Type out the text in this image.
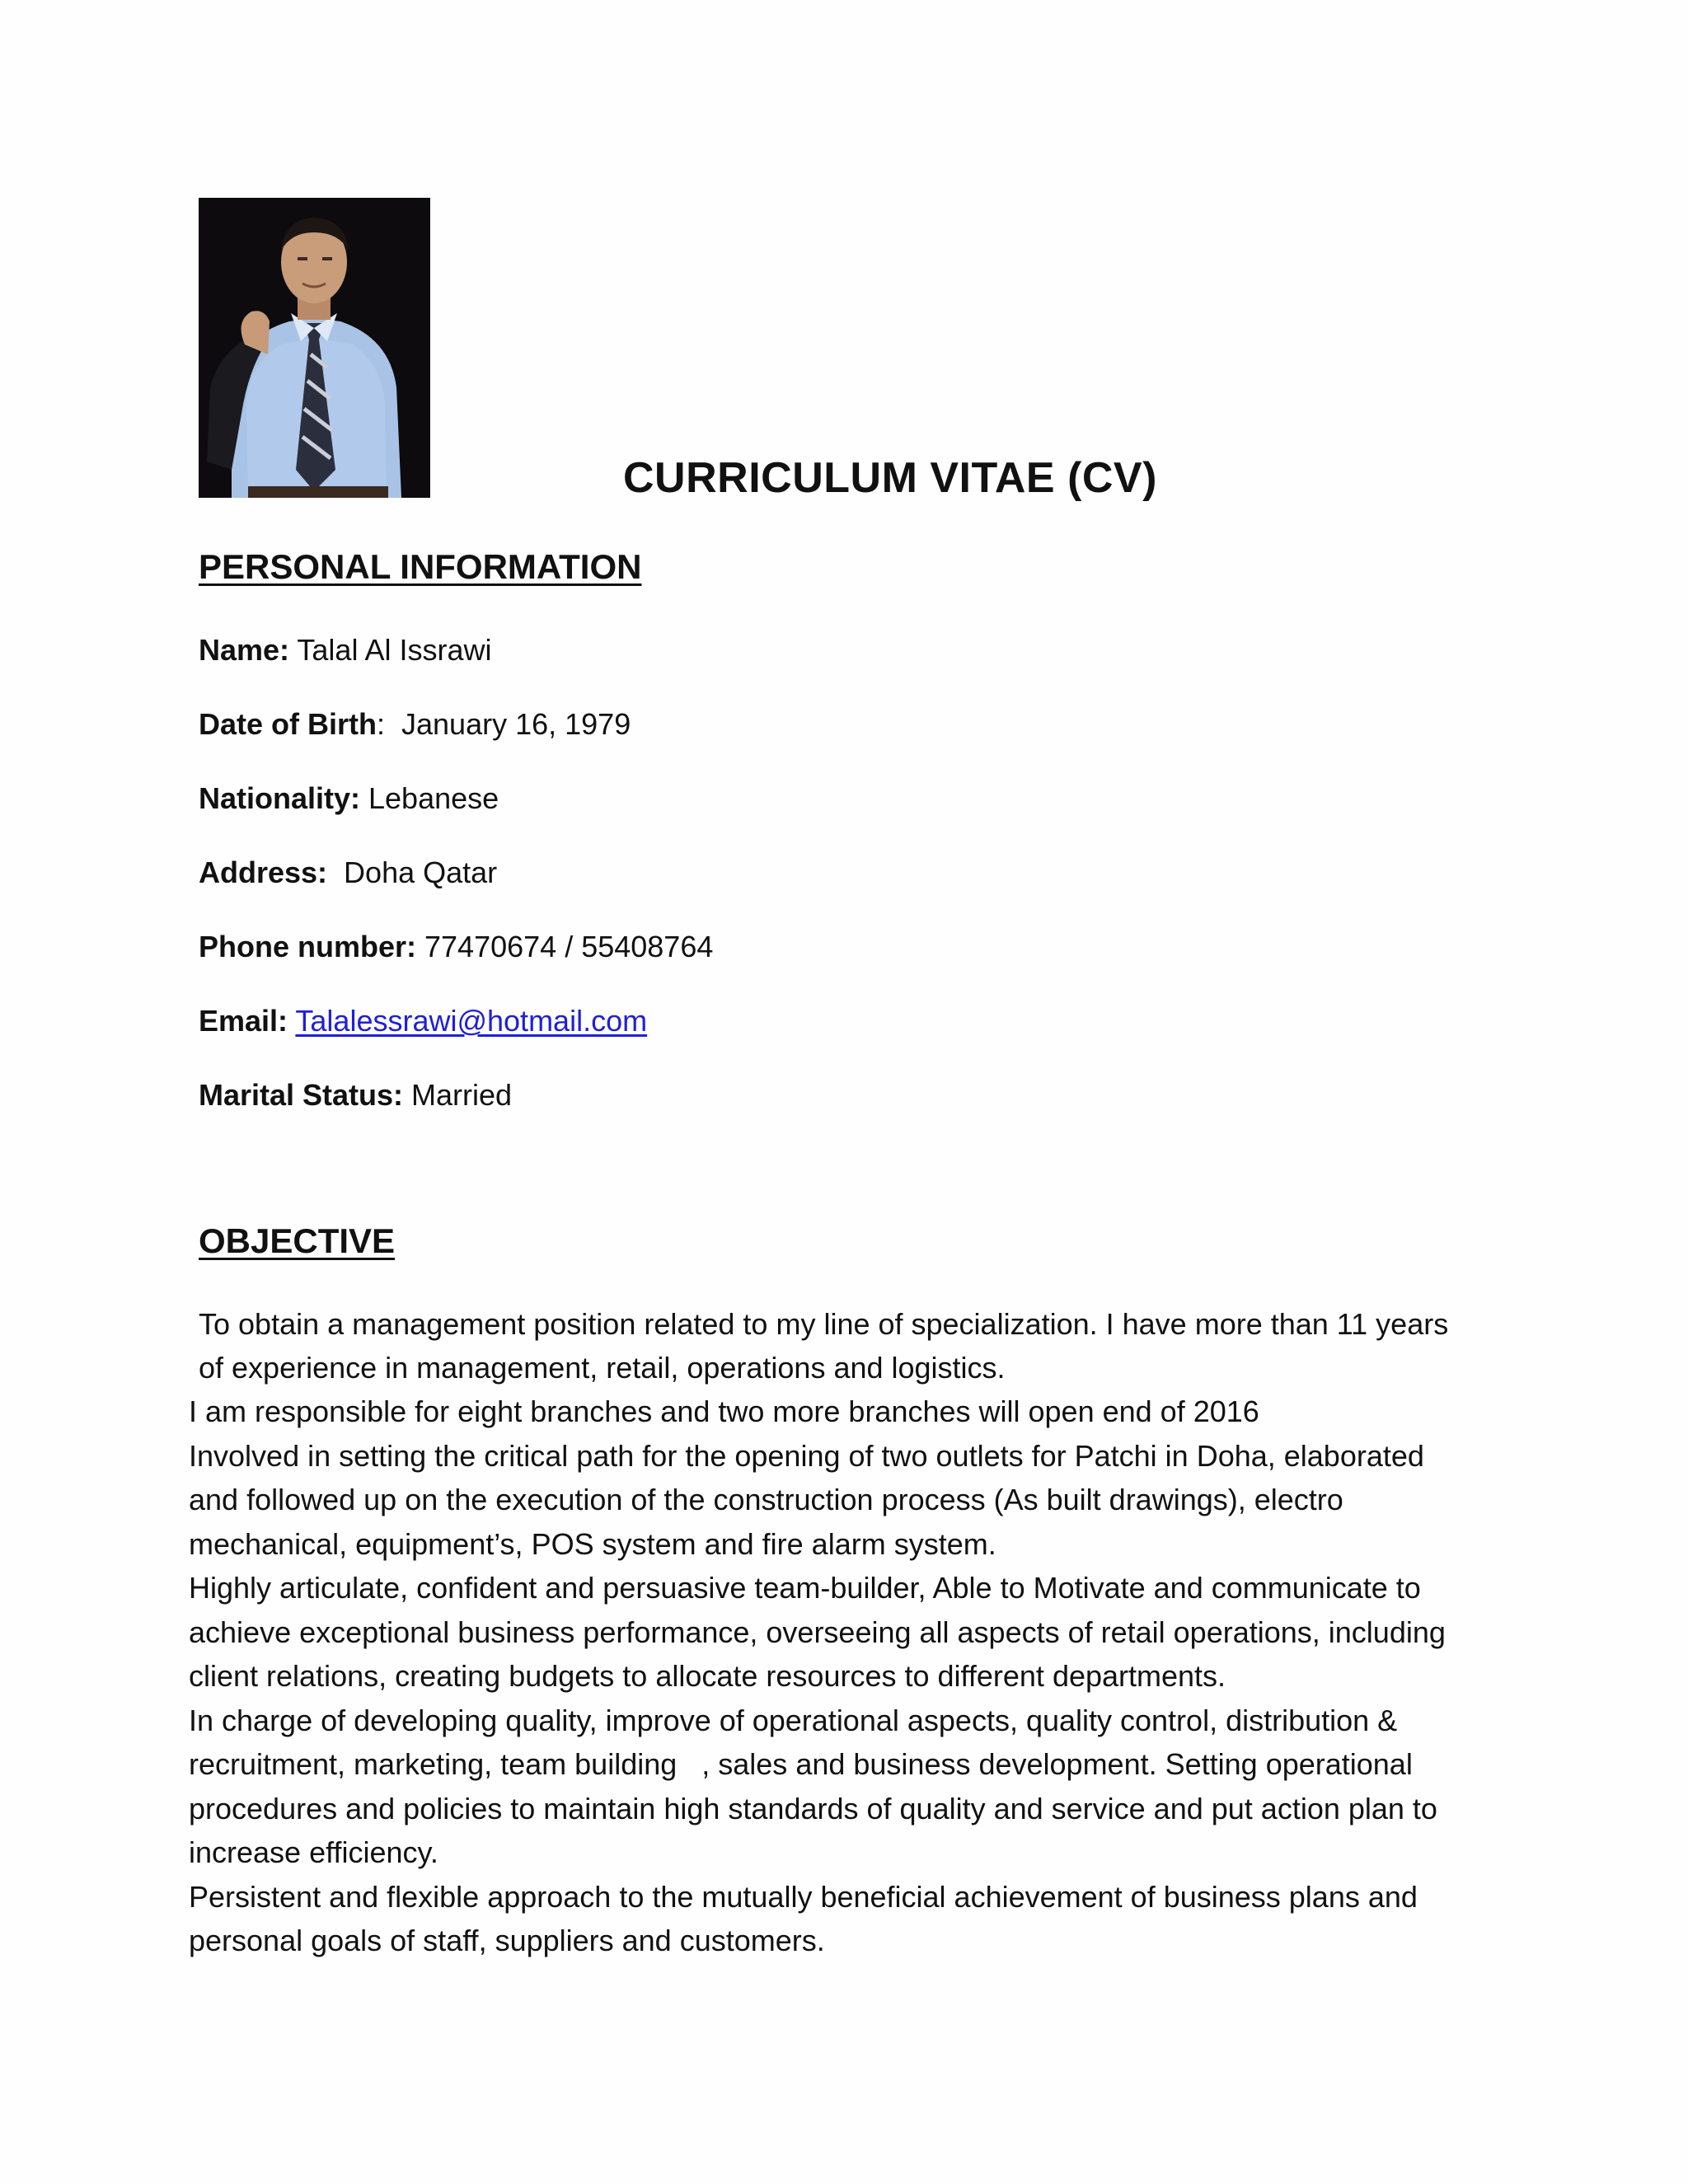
CURRICULUM VITAE (CV)
PERSONAL INFORMATION
Name: Talal Al Issrawi
Date of Birth:  January 16, 1979
Nationality: Lebanese
Address:  Doha Qatar
Phone number: 77470674 / 55408764
Email: Talalessrawi@hotmail.com
Marital Status: Married
OBJECTIVE
To obtain a management position related to my line of specialization. I have more than 11 years
of experience in management, retail, operations and logistics.
I am responsible for eight branches and two more branches will open end of 2016
Involved in setting the critical path for the opening of two outlets for Patchi in Doha, elaborated
and followed up on the execution of the construction process (As built drawings), electro
mechanical, equipment’s, POS system and fire alarm system.
Highly articulate, confident and persuasive team-builder, Able to Motivate and communicate to
achieve exceptional business performance, overseeing all aspects of retail operations, including
client relations, creating budgets to allocate resources to different departments.
In charge of developing quality, improve of operational aspects, quality control, distribution &
recruitment, marketing, team building   , sales and business development. Setting operational
procedures and policies to maintain high standards of quality and service and put action plan to
increase efficiency.
Persistent and flexible approach to the mutually beneficial achievement of business plans and
personal goals of staff, suppliers and customers.
